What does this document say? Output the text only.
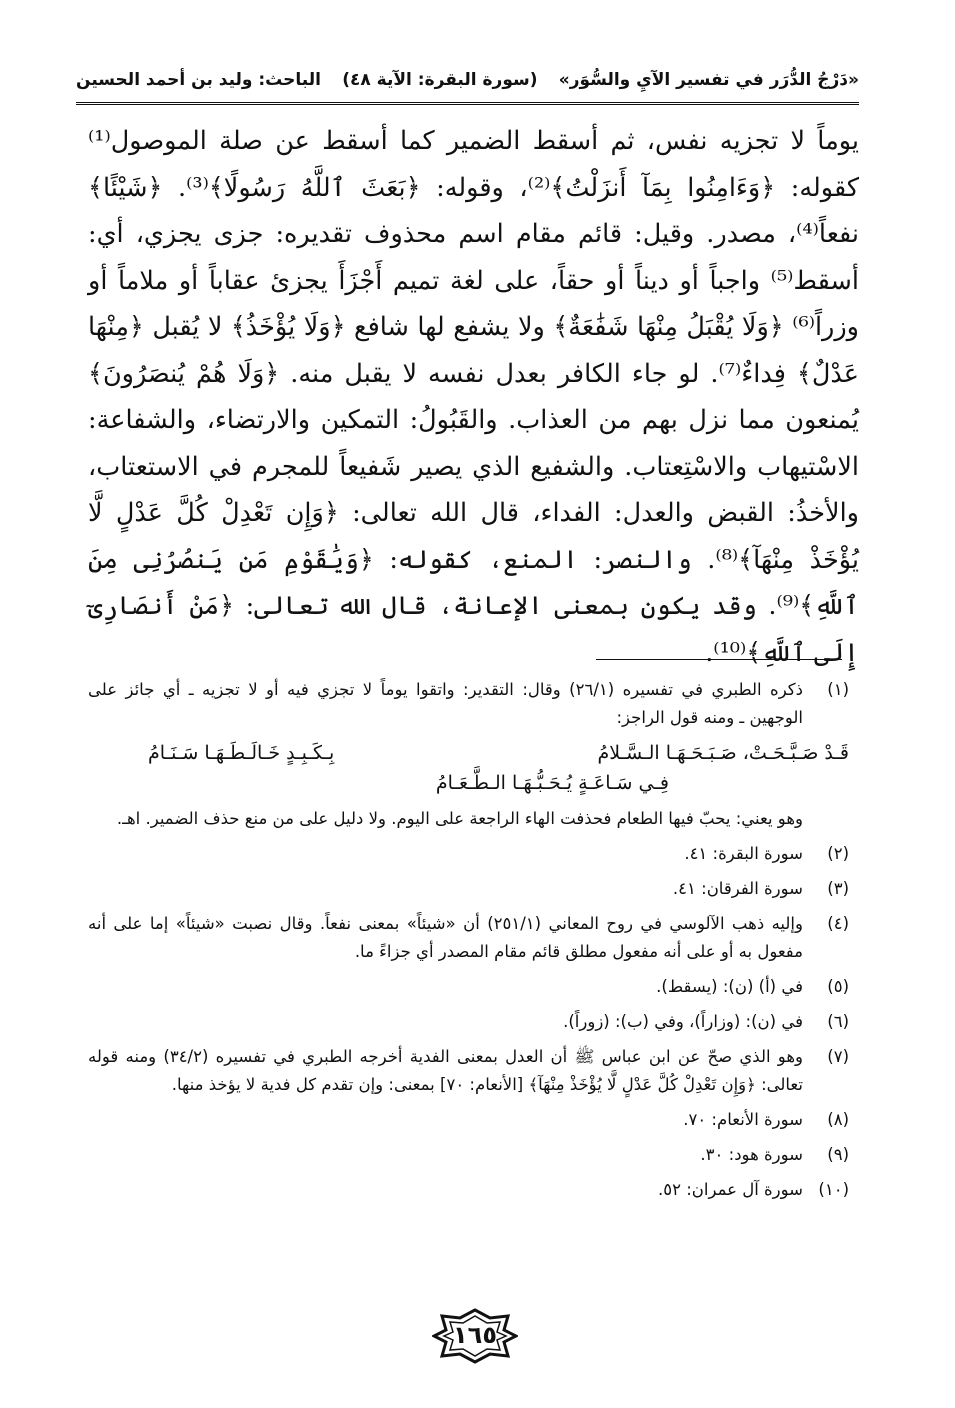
«دَرْجُ الدُّرَر في تفسير الآيِ والسُّوَر»
(سورة البقرة: الآية ٤٨)
الباحث: وليد بن أحمد الحسين

يوماً لا تجزيه نفس، ثم أسقط الضمير كما أسقط عن صلة الموصول⁽¹⁾ كقوله: ﴿وَءَامِنُوا بِمَآ أَنزَلْتُ﴾⁽²⁾، وقوله: ﴿بَعَثَ ٱللَّهُ رَسُولًا﴾⁽³⁾. ﴿شَيْئًا﴾ نفعاً⁽⁴⁾، مصدر. وقيل: قائم مقام اسم محذوف تقديره: جزى يجزي، أي: أسقط⁽⁵⁾ واجباً أو ديناً أو حقاً، على لغة تميم أَجْزَأَ يجزئ عقاباً أو ملاماً أو وزراً⁽⁶⁾ ﴿وَلَا يُقْبَلُ مِنْهَا شَفَٰعَةٌ﴾ ولا يشفع لها شافع ﴿وَلَا يُؤْخَذُ﴾ لا يُقبل ﴿مِنْهَا عَدْلٌ﴾ فِداءٌ⁽⁷⁾. لو جاء الكافر بعدل نفسه لا يقبل منه. ﴿وَلَا هُمْ يُنصَرُونَ﴾ يُمنعون مما نزل بهم من العذاب. والقَبُولُ: التمكين والارتضاء، والشفاعة: الاسْتيهاب والاسْتِعتاب. والشفيع الذي يصير شَفيعاً للمجرم في الاستعتاب، والأخذُ: القبض والعدل: الفداء، قال الله تعالى: ﴿وَإِن تَعْدِلْ كُلَّ عَدْلٍ لَّا يُؤْخَذْ مِنْهَآ﴾⁽⁸⁾. والنصر: المنع، كقوله: ﴿وَيَٰقَوْمِ مَن يَنصُرُنِى مِنَ ٱللَّهِ﴾⁽⁹⁾. وقد يكون بمعنى الإعانة، قال الله تعالى: ﴿مَنْ أَنصَارِىٓ إِلَى ٱللَّهِ﴾⁽¹⁰⁾.

(١)
ذكره الطبري في تفسيره (٢٦/١) وقال: التقدير: واتقوا يوماً لا تجزي فيه أو لا تجزيه ـ أي جائز على الوجهين ـ ومنه قول الراجز:
قَـدْ صَـبَّـحَـتْ، صَـبَـحَـهَـا الـسَّـلامُ
بِـكَـبِـدٍ خَـالَـطَـهَـا سَـنَـامُ
فِـي سَـاعَـةٍ يُـحَـبُّـهَـا الـطَّـعَـامُ
وهو يعني: يحبّ فيها الطعام فحذفت الهاء الراجعة على اليوم. ولا دليل على من منع حذف الضمير. اهـ.
(٢)
سورة البقرة: ٤١.
(٣)
سورة الفرقان: ٤١.
(٤)
وإليه ذهب الآلوسي في روح المعاني (٢٥١/١) أن «شيئاً» بمعنى نفعاً. وقال نصبت «شيئاً» إما على أنه مفعول به أو على أنه مفعول مطلق قائم مقام المصدر أي جزاءً ما.
(٥)
في (أ) (ن): (يسقط).
(٦)
في (ن): (وزاراً)، وفي (ب): (زوراً).
(٧)
وهو الذي صحّ عن ابن عباس ﷺ أن العدل بمعنى الفدية أخرجه الطبري في تفسيره (٣٤/٢) ومنه قوله تعالى: ﴿وَإِن تَعْدِلْ كُلَّ عَدْلٍ لَّا يُؤْخَذْ مِنْهَآ﴾ [الأنعام: ٧٠] بمعنى: وإن تقدم كل فدية لا يؤخذ منها.
(٨)
سورة الأنعام: ٧٠.
(٩)
سورة هود: ٣٠.
(١٠)
سورة آل عمران: ٥٢.
١٦٥
